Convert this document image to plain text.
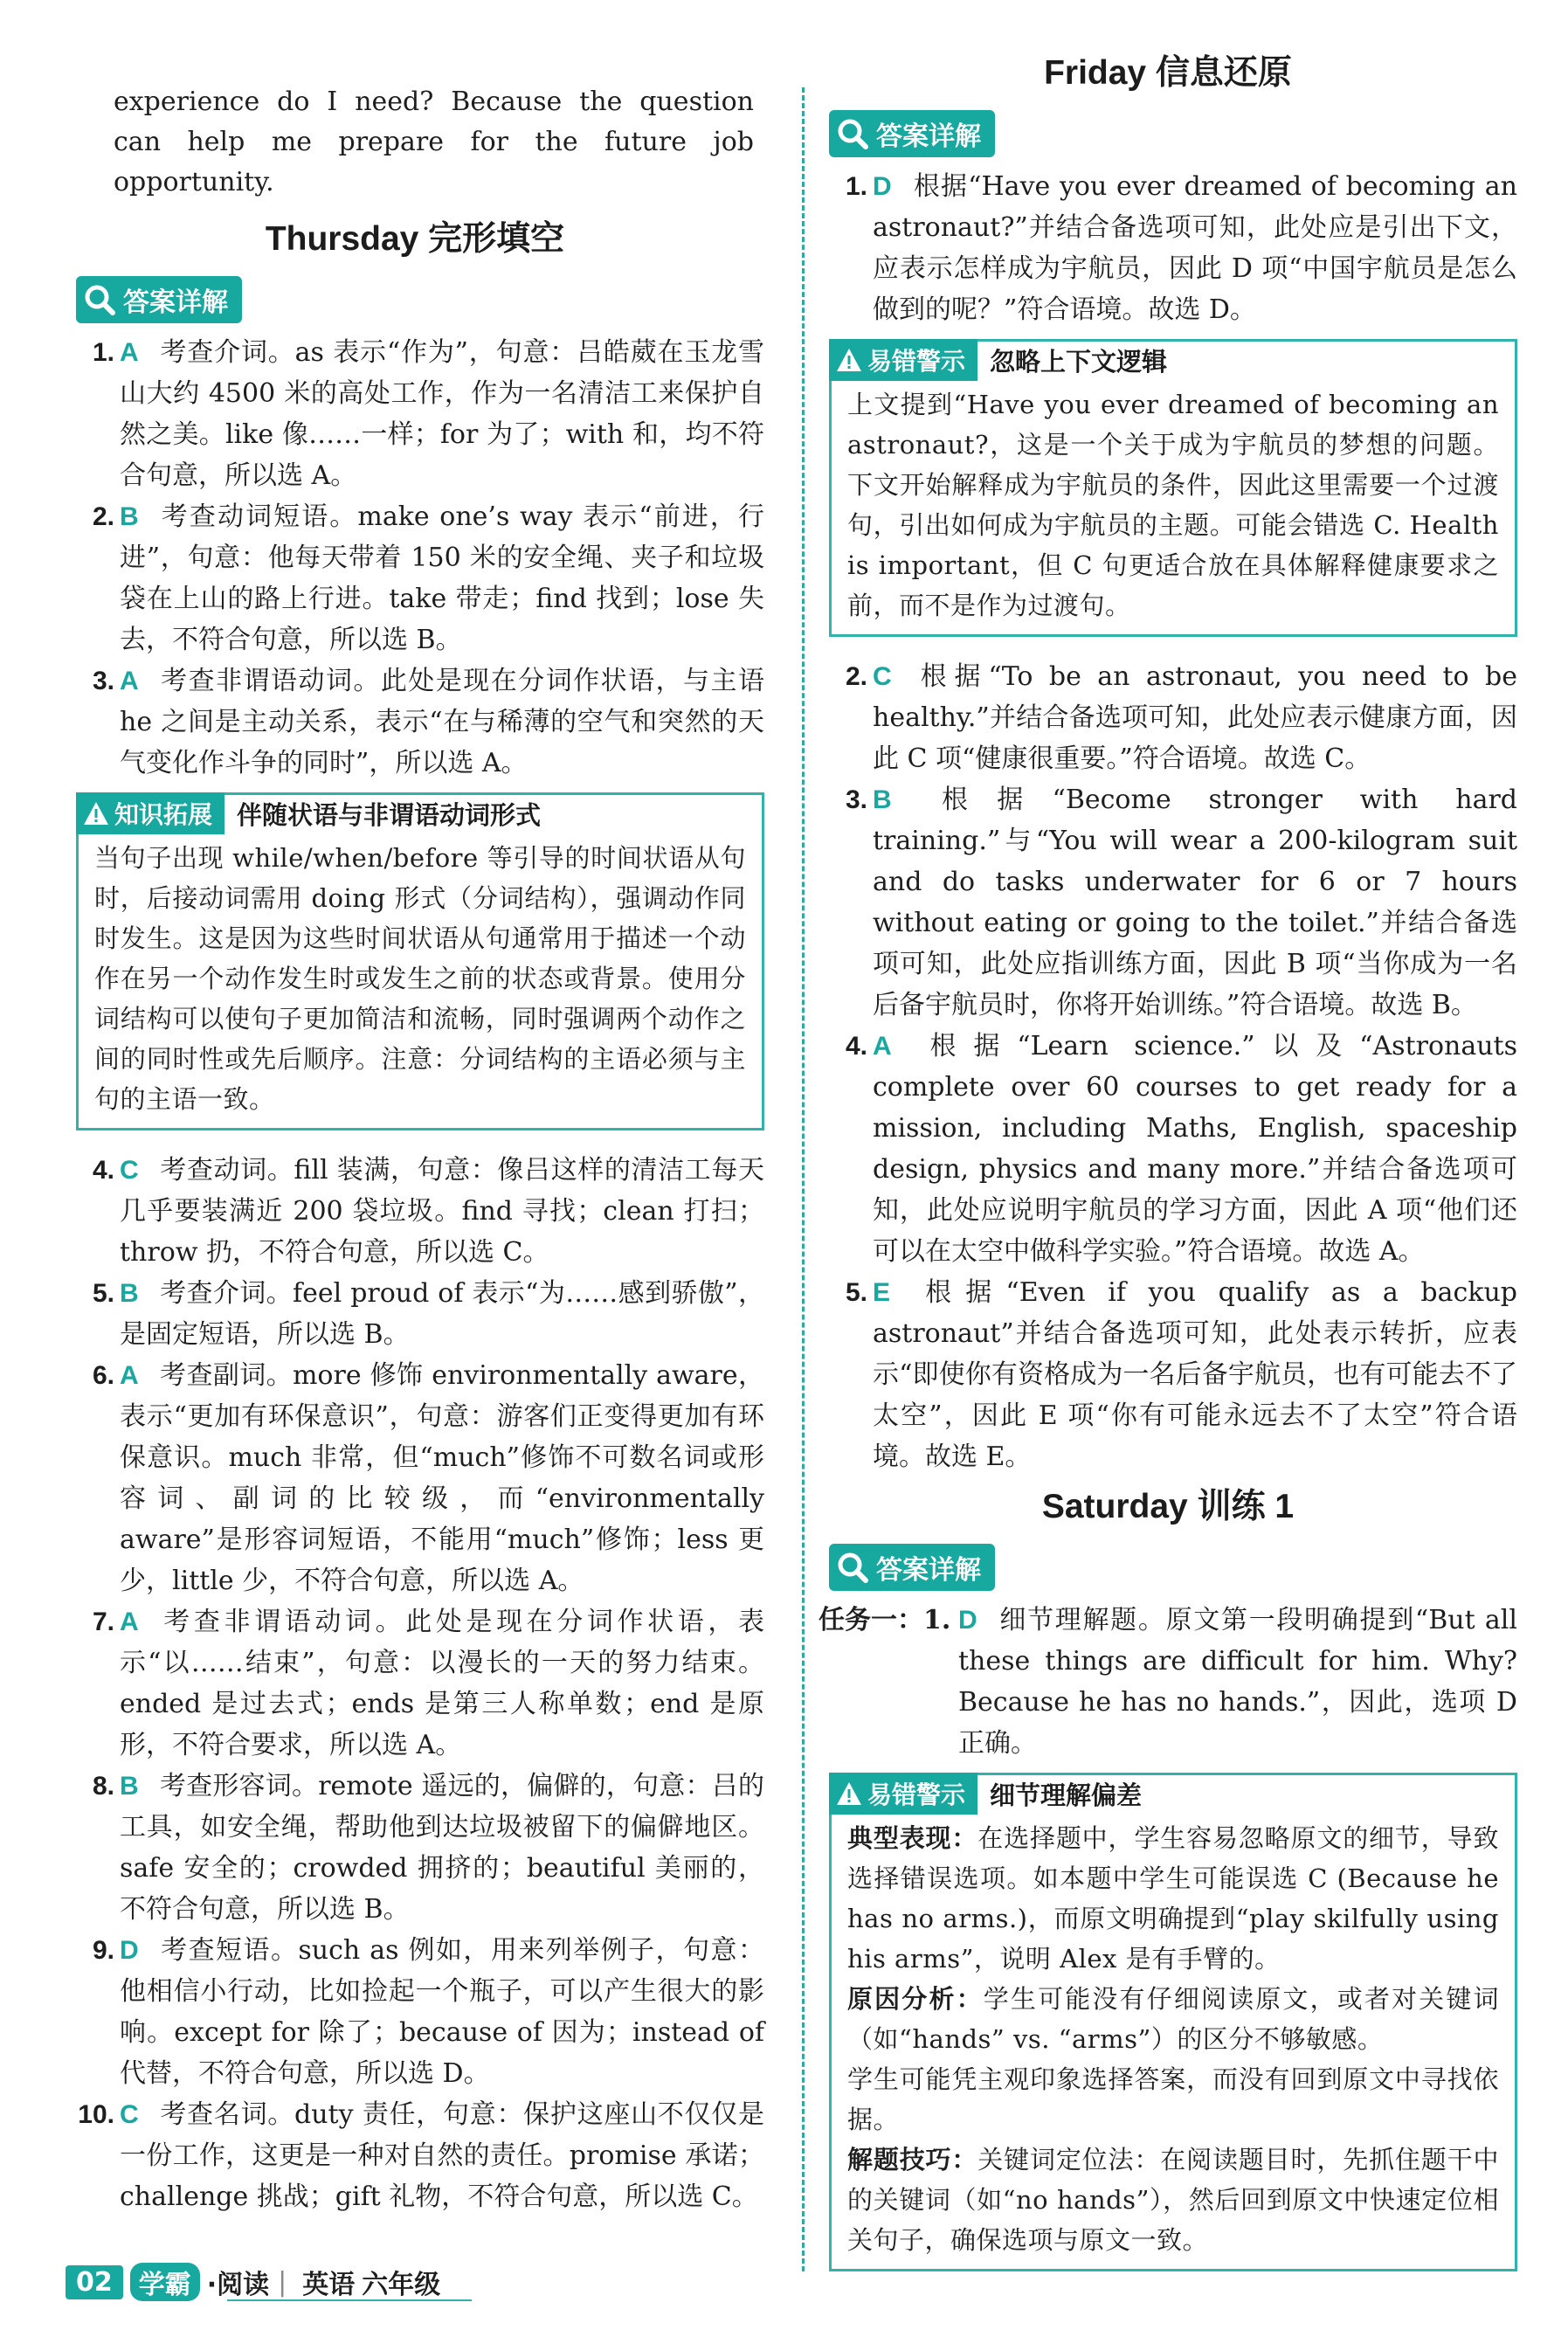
experience do I need? Because the question can help me prepare for the future job opportunity.
Thursday 完形填空
答案详解
1. A 考查介词。as 表示“作为”，句意：吕皓葳在玉龙雪山大约 4500 米的高处工作，作为一名清洁工来保护自然之美。like 像……一样；for 为了；with 和，均不符合句意，所以选 A。
2. B 考查动词短语。make one’s way 表示“前进，行进”，句意：他每天带着 150 米的安全绳、夹子和垃圾袋在上山的路上行进。take 带走；find 找到；lose 失去，不符合句意，所以选 B。
3. A 考查非谓语动词。此处是现在分词作状语，与主语 he 之间是主动关系，表示“在与稀薄的空气和突然的天气变化作斗争的同时”，所以选 A。
知识拓展 伴随状语与非谓语动词形式
当句子出现 while/when/before 等引导的时间状语从句时，后接动词需用 doing 形式（分词结构），强调动作同时发生。这是因为这些时间状语从句通常用于描述一个动作在另一个动作发生时或发生之前的状态或背景。使用分词结构可以使句子更加简洁和流畅，同时强调两个动作之间的同时性或先后顺序。注意：分词结构的主语必须与主句的主语一致。
4. C 考查动词。fill 装满，句意：像吕这样的清洁工每天几乎要装满近 200 袋垃圾。find 寻找；clean 打扫；throw 扔，不符合句意，所以选 C。
5. B 考查介词。feel proud of 表示“为……感到骄傲”，是固定短语，所以选 B。
6. A 考查副词。more 修饰 environmentally aware，表示“更加有环保意识”，句意：游客们正变得更加有环保意识。much 非常，但“much”修饰不可数名词或形容词、副词的比较级，而“environmentally aware”是形容词短语，不能用“much”修饰；less 更少，little 少，不符合句意，所以选 A。
7. A 考查非谓语动词。此处是现在分词作状语，表示“以……结束”，句意：以漫长的一天的努力结束。ended 是过去式；ends 是第三人称单数；end 是原形，不符合要求，所以选 A。
8. B 考查形容词。remote 遥远的，偏僻的，句意：吕的工具，如安全绳，帮助他到达垃圾被留下的偏僻地区。safe 安全的；crowded 拥挤的；beautiful 美丽的，不符合句意，所以选 B。
9. D 考查短语。such as 例如，用来列举例子，句意：他相信小行动，比如捡起一个瓶子，可以产生很大的影响。except for 除了；because of 因为；instead of 代替，不符合句意，所以选 D。
10. C 考查名词。duty 责任，句意：保护这座山不仅仅是一份工作，这更是一种对自然的责任。promise 承诺；challenge 挑战；gift 礼物，不符合句意，所以选 C。
Friday 信息还原
答案详解
1. D 根据“Have you ever dreamed of becoming an astronaut?”并结合备选项可知，此处应是引出下文，应表示怎样成为宇航员，因此 D 项“中国宇航员是怎么做到的呢？”符合语境。故选 D。
易错警示 忽略上下文逻辑
上文提到“Have you ever dreamed of becoming an astronaut?，这是一个关于成为宇航员的梦想的问题。下文开始解释成为宇航员的条件，因此这里需要一个过渡句，引出如何成为宇航员的主题。可能会错选 C. Health is important，但 C 句更适合放在具体解释健康要求之前，而不是作为过渡句。
2. C 根据“To be an astronaut, you need to be healthy.”并结合备选项可知，此处应表示健康方面，因此 C 项“健康很重要。”符合语境。故选 C。
3. B 根据“Become stronger with hard training.”与“You will wear a 200-kilogram suit and do tasks underwater for 6 or 7 hours without eating or going to the toilet.”并结合备选项可知，此处应指训练方面，因此 B 项“当你成为一名后备宇航员时，你将开始训练。”符合语境。故选 B。
4. A 根据“Learn science.”以及“Astronauts complete over 60 courses to get ready for a mission, including Maths, English, spaceship design, physics and many more.”并结合备选项可知，此处应说明宇航员的学习方面，因此 A 项“他们还可以在太空中做科学实验。”符合语境。故选 A。
5. E 根据“Even if you qualify as a backup astronaut”并结合备选项可知，此处表示转折，应表示“即使你有资格成为一名后备宇航员，也有可能去不了太空”，因此 E 项“你有可能永远去不了太空”符合语境。故选 E。
Saturday 训练 1
答案详解
任务一：1. D 细节理解题。原文第一段明确提到“But all these things are difficult for him. Why? Because he has no hands.”，因此，选项 D 正确。
易错警示 细节理解偏差

典型表现：在选择题中，学生容易忽略原文的细节，导致选择错误选项。如本题中学生可能误选 C (Because he has no arms.)，而原文明确提到“play skilfully using his arms”，说明 Alex 是有手臂的。

原因分析：学生可能没有仔细阅读原文，或者对关键词（如“hands” vs. “arms”）的区分不够敏感。

学生可能凭主观印象选择答案，而没有回到原文中寻找依据。

解题技巧：关键词定位法：在阅读题目时，先抓住题干中的关键词（如“no hands”），然后回到原文中快速定位相关句子，确保选项与原文一致。

02	学霸 ·阅读 | 英语 六年级
